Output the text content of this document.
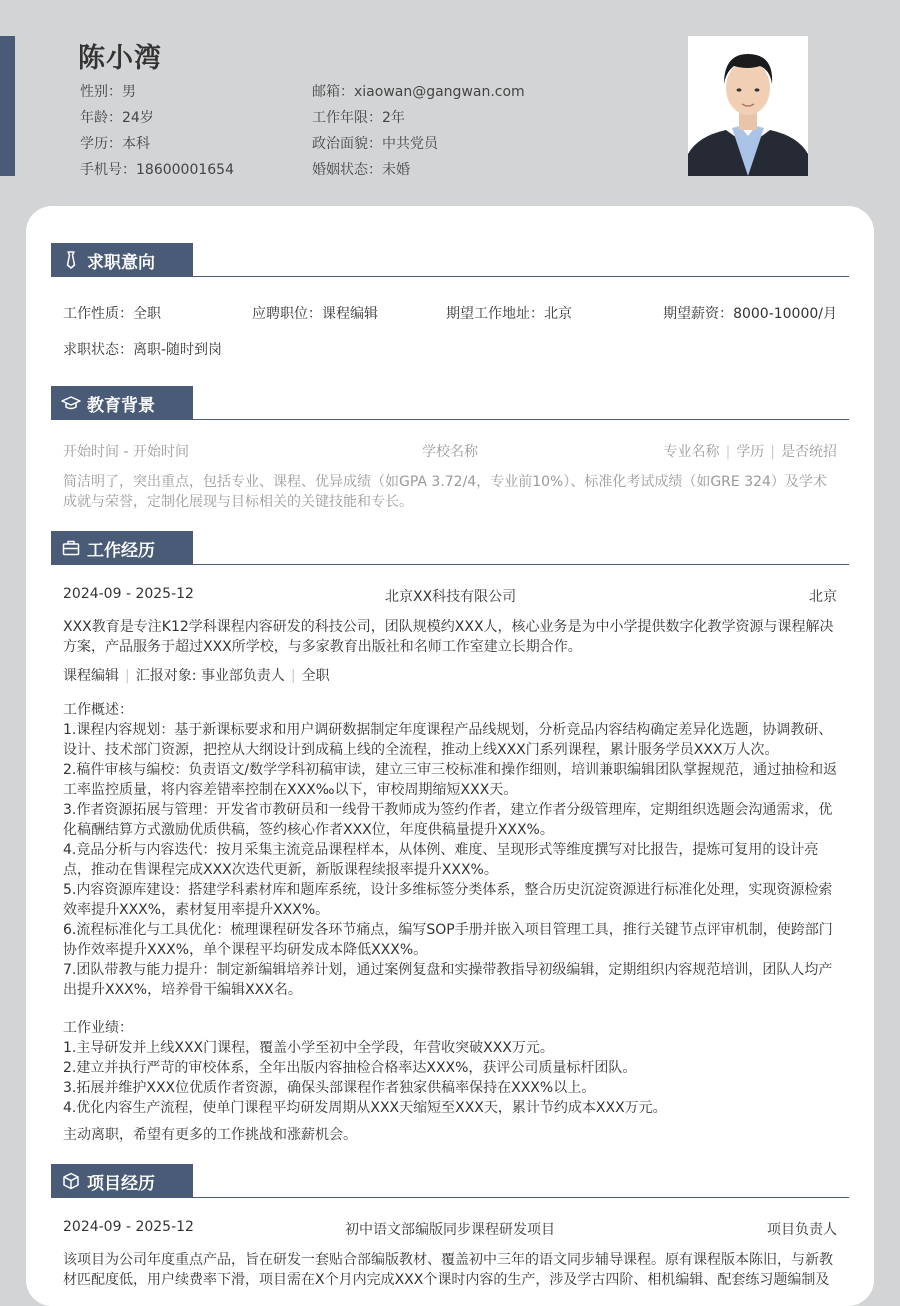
陈小湾
性别：男
年龄：24岁
学历：本科
手机号：18600001654
邮箱：xiaowan@gangwan.com
工作年限：2年
政治面貌：中共党员
婚姻状态：未婚
求职意向
工作性质：全职	应聘职位：课程编辑	期望工作地址：北京	期望薪资：8000-10000/月
求职状态：离职-随时到岗
教育背景
开始时间 - 开始时间	学校名称	专业名称 | 学历 | 是否统招
简洁明了，突出重点，包括专业、课程、优异成绩（如GPA 3.72/4，专业前10%）、标准化考试成绩（如GRE 324）及学术成就与荣誉，定制化展现与目标相关的关键技能和专长。
工作经历
2024-09 - 2025-12	北京XX科技有限公司	北京
XXX教育是专注K12学科课程内容研发的科技公司，团队规模约XXX人，核心业务是为中小学提供数字化教学资源与课程解决方案，产品服务于超过XXX所学校，与多家教育出版社和名师工作室建立长期合作。
课程编辑 | 汇报对象: 事业部负责人 | 全职
工作概述：
1.课程内容规划：基于新课标要求和用户调研数据制定年度课程产品线规划，分析竞品内容结构确定差异化选题，协调教研、设计、技术部门资源，把控从大纲设计到成稿上线的全流程，推动上线XXX门系列课程，累计服务学员XXX万人次。
2.稿件审核与编校：负责语文/数学学科初稿审读，建立三审三校标准和操作细则，培训兼职编辑团队掌握规范，通过抽检和返工率监控质量，将内容差错率控制在XXX‰以下，审校周期缩短XXX天。
3.作者资源拓展与管理：开发省市教研员和一线骨干教师成为签约作者，建立作者分级管理库，定期组织选题会沟通需求，优化稿酬结算方式激励优质供稿，签约核心作者XXX位，年度供稿量提升XXX%。
4.竞品分析与内容迭代：按月采集主流竞品课程样本，从体例、难度、呈现形式等维度撰写对比报告，提炼可复用的设计亮点，推动在售课程完成XXX次迭代更新，新版课程续报率提升XXX%。
5.内容资源库建设：搭建学科素材库和题库系统，设计多维标签分类体系，整合历史沉淀资源进行标准化处理，实现资源检索效率提升XXX%，素材复用率提升XXX%。
6.流程标准化与工具优化：梳理课程研发各环节痛点，编写SOP手册并嵌入项目管理工具，推行关键节点评审机制，使跨部门协作效率提升XXX%，单个课程平均研发成本降低XXX%。
7.团队带教与能力提升：制定新编辑培养计划，通过案例复盘和实操带教指导初级编辑，定期组织内容规范培训，团队人均产出提升XXX%，培养骨干编辑XXX名。
工作业绩：
1.主导研发并上线XXX门课程，覆盖小学至初中全学段，年营收突破XXX万元。
2.建立并执行严苛的审校体系，全年出版内容抽检合格率达XXX%，获评公司质量标杆团队。
3.拓展并维护XXX位优质作者资源，确保头部课程作者独家供稿率保持在XXX%以上。
4.优化内容生产流程，使单门课程平均研发周期从XXX天缩短至XXX天，累计节约成本XXX万元。
主动离职，希望有更多的工作挑战和涨薪机会。
项目经历
2024-09 - 2025-12	初中语文部编版同步课程研发项目	项目负责人
该项目为公司年度重点产品，旨在研发一套贴合部编版教材、覆盖初中三年的语文同步辅导课程。原有课程版本陈旧，与新教材匹配度低，用户续费率下滑，项目需在X个月内完成XXX个课时内容的生产，涉及学古四阶、相机编辑、配套练习题编制及
